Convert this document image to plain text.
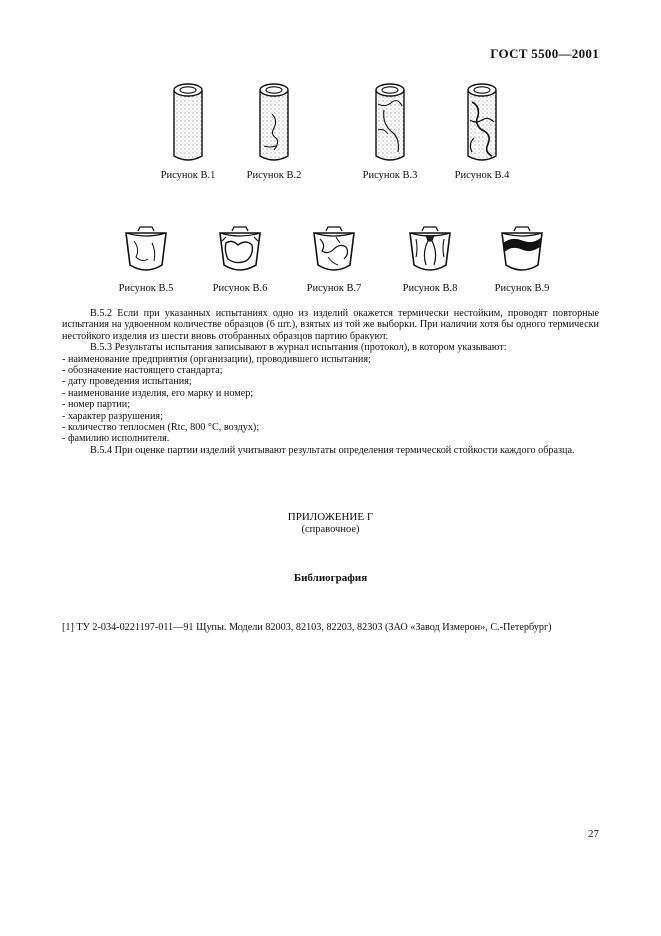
ГОСТ 5500—2001
Рисунок В.1	Рисунок В.2	Рисунок В.3	Рисунок В.4
Рисунок В.5	Рисунок В.6	Рисунок В.7	Рисунок В.8	Рисунок В.9

В.5.2 Если при указанных испытаниях одно из изделий окажется термически нестойким, проводят повторные испытания на удвоенном количестве образцов (6 шт.), взятых из той же выборки. При наличии хотя бы одного термически нестойкого изделия из шести вновь отобранных образцов партию бракуют.

В.5.3 Результаты испытания записывают в журнал испытания (протокол), в котором указывают:

- наименование предприятия (организации), проводившего испытания;

- обозначение настоящего стандарта;

- дату проведения испытания;

- наименование изделия, его марку и номер;

- номер партии;

- характер разрушения;

- количество теплосмен (Rtc, 800 °С, воздух);

- фамилию исполнителя.

В.5.4 При оценке партии изделий учитывают результаты определения термической стойкости каждого образца.

ПРИЛОЖЕНИЕ Г
(справочное)
Библиография
[1] ТУ 2-034-0221197-011—91 Щупы. Модели 82003, 82103, 82203, 82303 (ЗАО «Завод Измерон», С.-Петербург)
27
